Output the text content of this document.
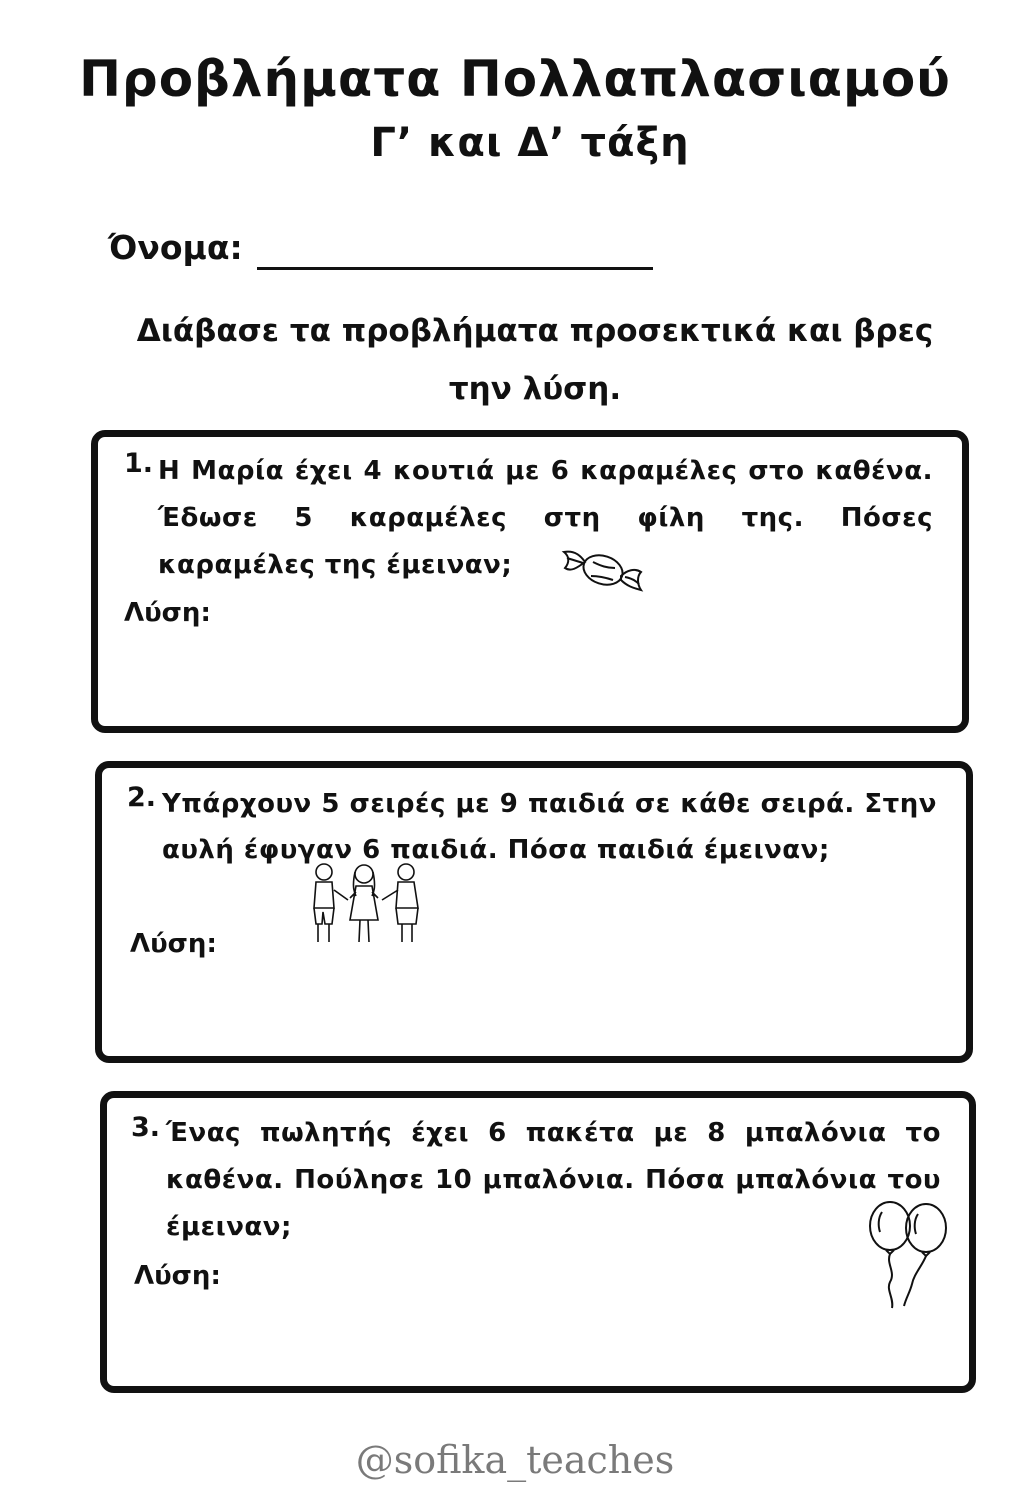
Προβλήματα Πολλαπλασιαμού
Γ’ και Δ’ τάξη
Όνομα:
Διάβασε τα προβλήματα προσεκτικά και βρες την λύση.
1. Η Μαρία έχει 4 κουτιά με 6 καραμέλες στο καθένα. Έδωσε 5 καραμέλες στη φίλη της. Πόσες καραμέλες της έμειναν;
Λύση:
2. Υπάρχουν 5 σειρές με 9 παιδιά σε κάθε σειρά. Στην αυλή έφυγαν 6 παιδιά. Πόσα παιδιά έμειναν;
Λύση:
3. Ένας πωλητής έχει 6 πακέτα με 8 μπαλόνια το καθένα. Πούλησε 10 μπαλόνια. Πόσα μπαλόνια του έμειναν;
Λύση:
@sofika_teaches
